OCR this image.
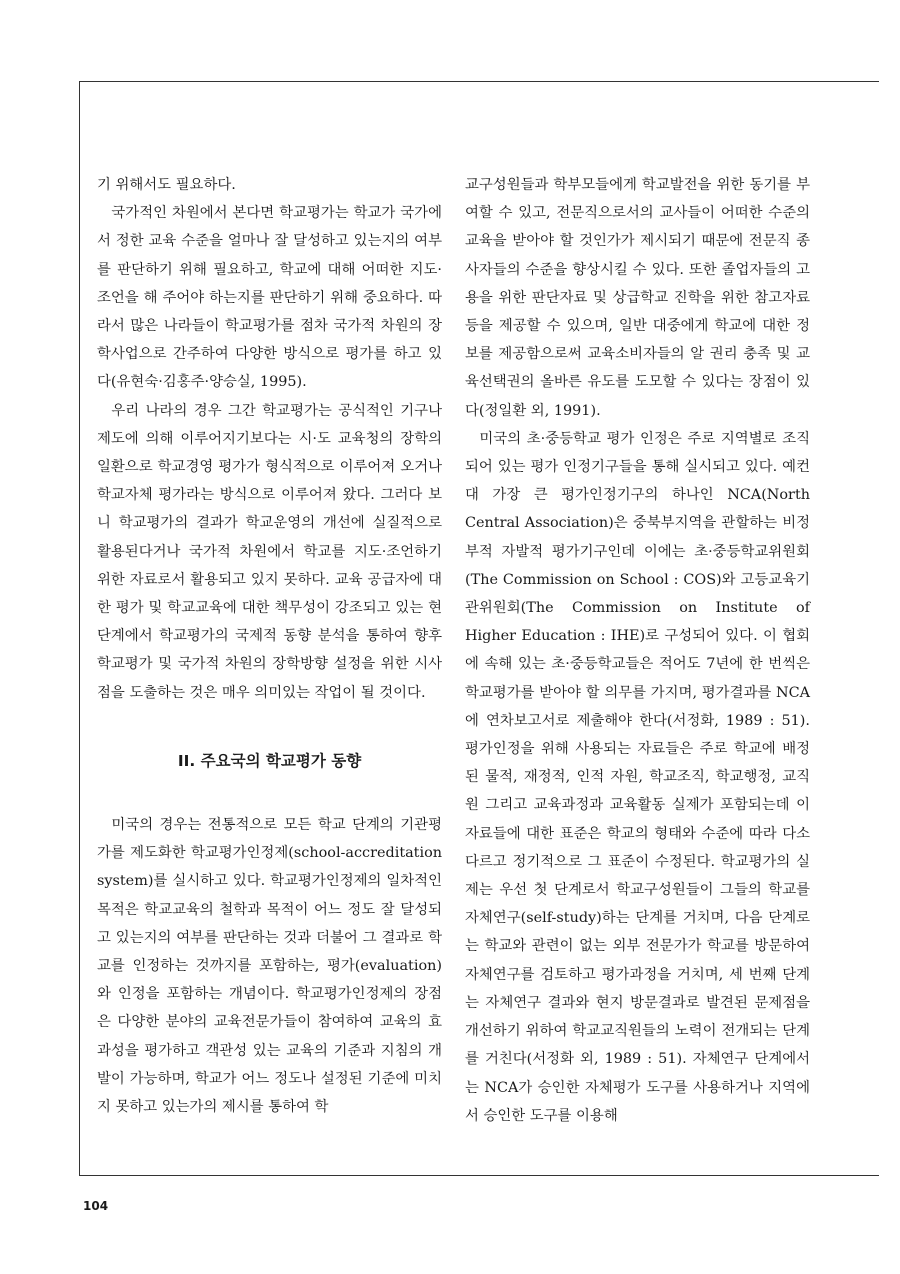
기 위해서도 필요하다.

국가적인 차원에서 본다면 학교평가는 학교가 국가에서 정한 교육 수준을 얼마나 잘 달성하고 있는지의 여부를 판단하기 위해 필요하고, 학교에 대해 어떠한 지도·조언을 해 주어야 하는지를 판단하기 위해 중요하다. 따라서 많은 나라들이 학교평가를 점차 국가적 차원의 장학사업으로 간주하여 다양한 방식으로 평가를 하고 있다(유현숙·김홍주·양승실, 1995).

우리 나라의 경우 그간 학교평가는 공식적인 기구나 제도에 의해 이루어지기보다는 시·도 교육청의 장학의 일환으로 학교경영 평가가 형식적으로 이루어져 오거나 학교자체 평가라는 방식으로 이루어져 왔다. 그러다 보니 학교평가의 결과가 학교운영의 개선에 실질적으로 활용된다거나 국가적 차원에서 학교를 지도·조언하기 위한 자료로서 활용되고 있지 못하다. 교육 공급자에 대한 평가 및 학교교육에 대한 책무성이 강조되고 있는 현 단계에서 학교평가의 국제적 동향 분석을 통하여 향후 학교평가 및 국가적 차원의 장학방향 설정을 위한 시사점을 도출하는 것은 매우 의미있는 작업이 될 것이다.

II. 주요국의 학교평가 동향

미국의 경우는 전통적으로 모든 학교 단계의 기관평가를 제도화한 학교평가인정제(school-accreditation system)를 실시하고 있다. 학교평가인정제의 일차적인 목적은 학교교육의 철학과 목적이 어느 정도 잘 달성되고 있는지의 여부를 판단하는 것과 더불어 그 결과로 학교를 인정하는 것까지를 포함하는, 평가(evaluation)와 인정을 포함하는 개념이다. 학교평가인정제의 장점은 다양한 분야의 교육전문가들이 참여하여 교육의 효과성을 평가하고 객관성 있는 교육의 기준과 지침의 개발이 가능하며, 학교가 어느 정도나 설정된 기준에 미치지 못하고 있는가의 제시를 통하여 학

교구성원들과 학부모들에게 학교발전을 위한 동기를 부여할 수 있고, 전문직으로서의 교사들이 어떠한 수준의 교육을 받아야 할 것인가가 제시되기 때문에 전문직 종사자들의 수준을 향상시킬 수 있다. 또한 졸업자들의 고용을 위한 판단자료 및 상급학교 진학을 위한 참고자료 등을 제공할 수 있으며, 일반 대중에게 학교에 대한 정보를 제공함으로써 교육소비자들의 알 권리 충족 및 교육선택권의 올바른 유도를 도모할 수 있다는 장점이 있다(정일환 외, 1991).

미국의 초·중등학교 평가 인정은 주로 지역별로 조직되어 있는 평가 인정기구들을 통해 실시되고 있다. 예컨대 가장 큰 평가인정기구의 하나인 NCA(North Central Association)은 중북부지역을 관할하는 비정부적 자발적 평가기구인데 이에는 초·중등학교위원회(The Commission on School : COS)와 고등교육기관위원회(The Commission on Institute of Higher Education : IHE)로 구성되어 있다. 이 협회에 속해 있는 초·중등학교들은 적어도 7년에 한 번씩은 학교평가를 받아야 할 의무를 가지며, 평가결과를 NCA에 연차보고서로 제출해야 한다(서정화, 1989 : 51). 평가인정을 위해 사용되는 자료들은 주로 학교에 배정된 물적, 재정적, 인적 자원, 학교조직, 학교행정, 교직원 그리고 교육과정과 교육활동 실제가 포함되는데 이 자료들에 대한 표준은 학교의 형태와 수준에 따라 다소 다르고 정기적으로 그 표준이 수정된다. 학교평가의 실제는 우선 첫 단계로서 학교구성원들이 그들의 학교를 자체연구(self-study)하는 단계를 거치며, 다음 단계로는 학교와 관련이 없는 외부 전문가가 학교를 방문하여 자체연구를 검토하고 평가과정을 거치며, 세 번째 단계는 자체연구 결과와 현지 방문결과로 발견된 문제점을 개선하기 위하여 학교교직원들의 노력이 전개되는 단계를 거친다(서정화 외, 1989 : 51). 자체연구 단계에서는 NCA가 승인한 자체평가 도구를 사용하거나 지역에서 승인한 도구를 이용해

104
